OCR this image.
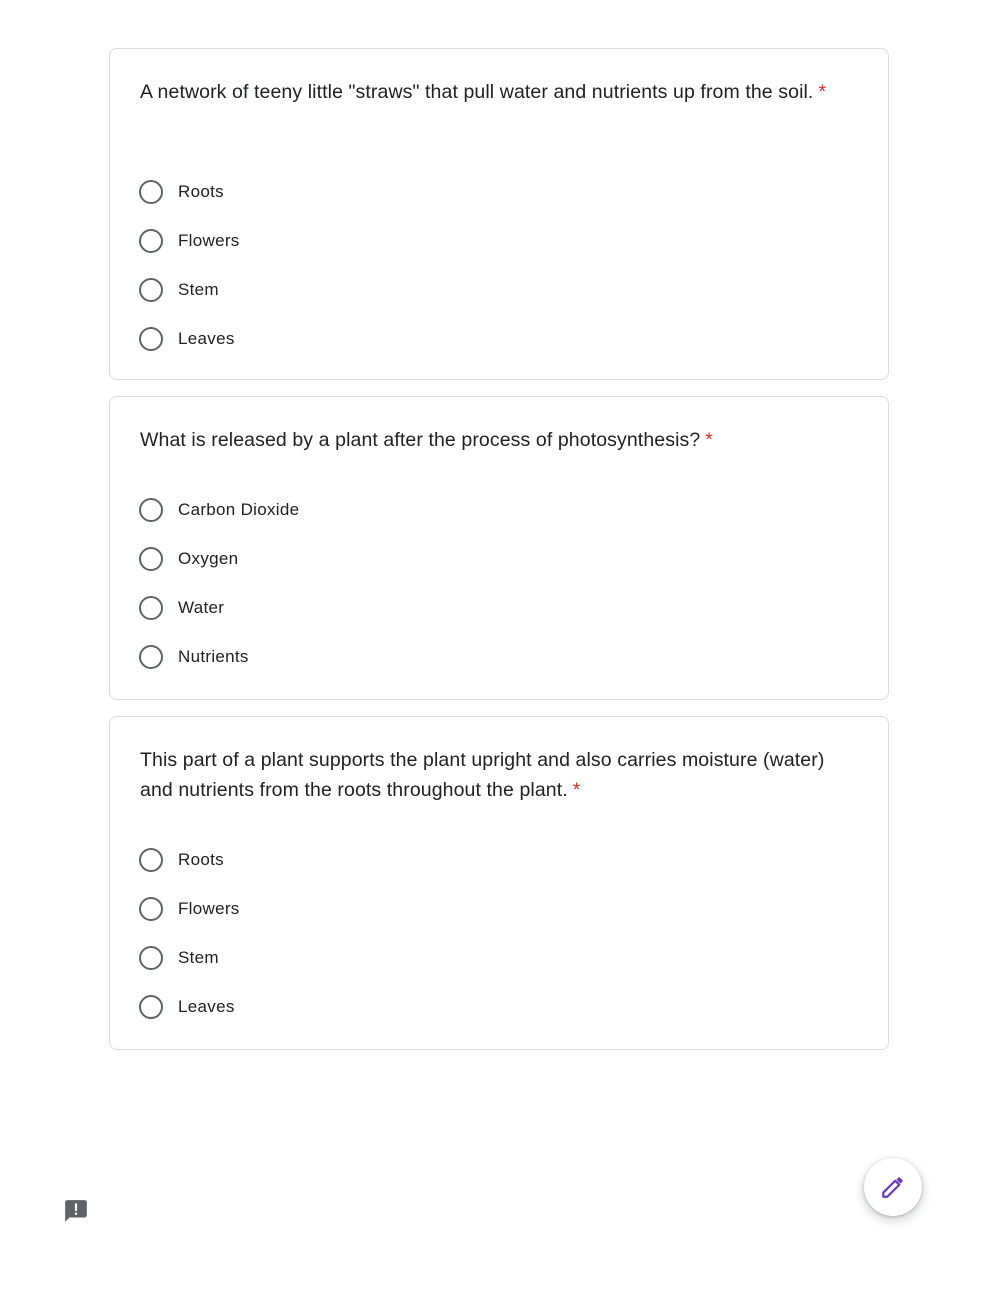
A network of teeny little "straws" that pull water and nutrients up from the soil. *
Roots
Flowers
Stem
Leaves
What is released by a plant after the process of photosynthesis? *
Carbon Dioxide
Oxygen
Water
Nutrients
This part of a plant supports the plant upright and also carries moisture (water) and nutrients from the roots throughout the plant. *
Roots
Flowers
Stem
Leaves
